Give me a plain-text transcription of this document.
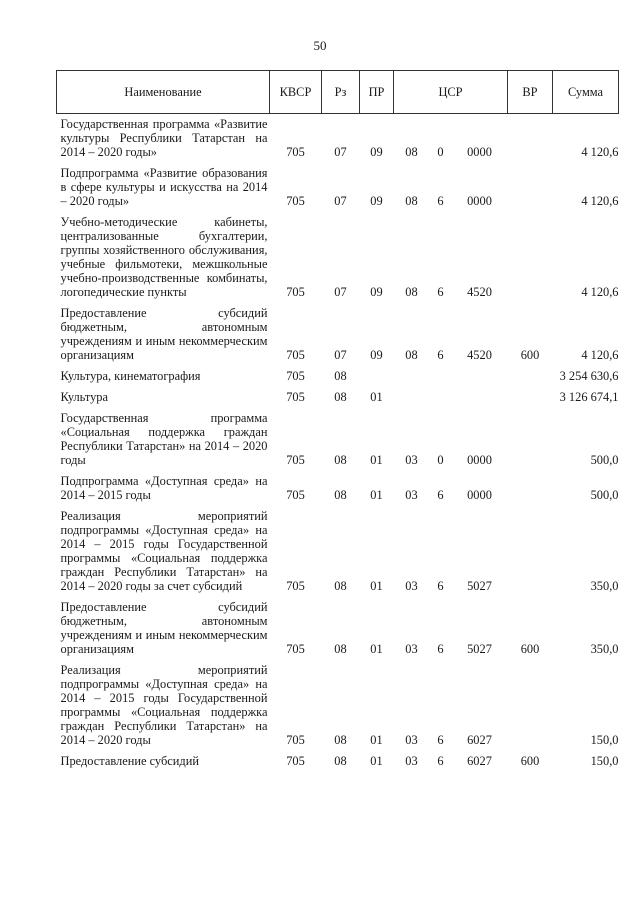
50
Наименование	КВСР	Рз	ПР	ЦСР			ВР	Сумма
Государственная программа «Развитие культуры Республики Татарстан на 2014 – 2020 годы»	705	07	09	08	0	0000		4 120,6
Подпрограмма «Развитие образования в сфере культуры и искусства на 2014 – 2020 годы»	705	07	09	08	6	0000		4 120,6
Учебно-методические кабинеты, централизованные бухгалтерии, группы хозяйственного обслуживания, учебные фильмотеки, межшкольные учебно-производственные комбинаты, логопедические пункты	705	07	09	08	6	4520		4 120,6
Предоставление субсидий бюджетным, автономным учреждениям и иным некоммерческим организациям	705	07	09	08	6	4520	600	4 120,6
Культура, кинематография	705	08						3 254 630,6
Культура	705	08	01					3 126 674,1
Государственная программа «Социальная поддержка граждан Республики Татарстан» на 2014 – 2020 годы	705	08	01	03	0	0000		500,0
Подпрограмма «Доступная среда» на 2014 – 2015 годы	705	08	01	03	6	0000		500,0
Реализация мероприятий подпрограммы «Доступная среда» на 2014 – 2015 годы Государственной программы «Социальная поддержка граждан Республики Татарстан» на 2014 – 2020 годы за счет субсидий	705	08	01	03	6	5027		350,0
Предоставление субсидий бюджетным, автономным учреждениям и иным некоммерческим организациям	705	08	01	03	6	5027	600	350,0
Реализация мероприятий подпрограммы «Доступная среда» на 2014 – 2015 годы Государственной программы «Социальная поддержка граждан Республики Татарстан» на 2014 – 2020 годы	705	08	01	03	6	6027		150,0
Предоставление субсидий	705	08	01	03	6	6027	600	150,0
